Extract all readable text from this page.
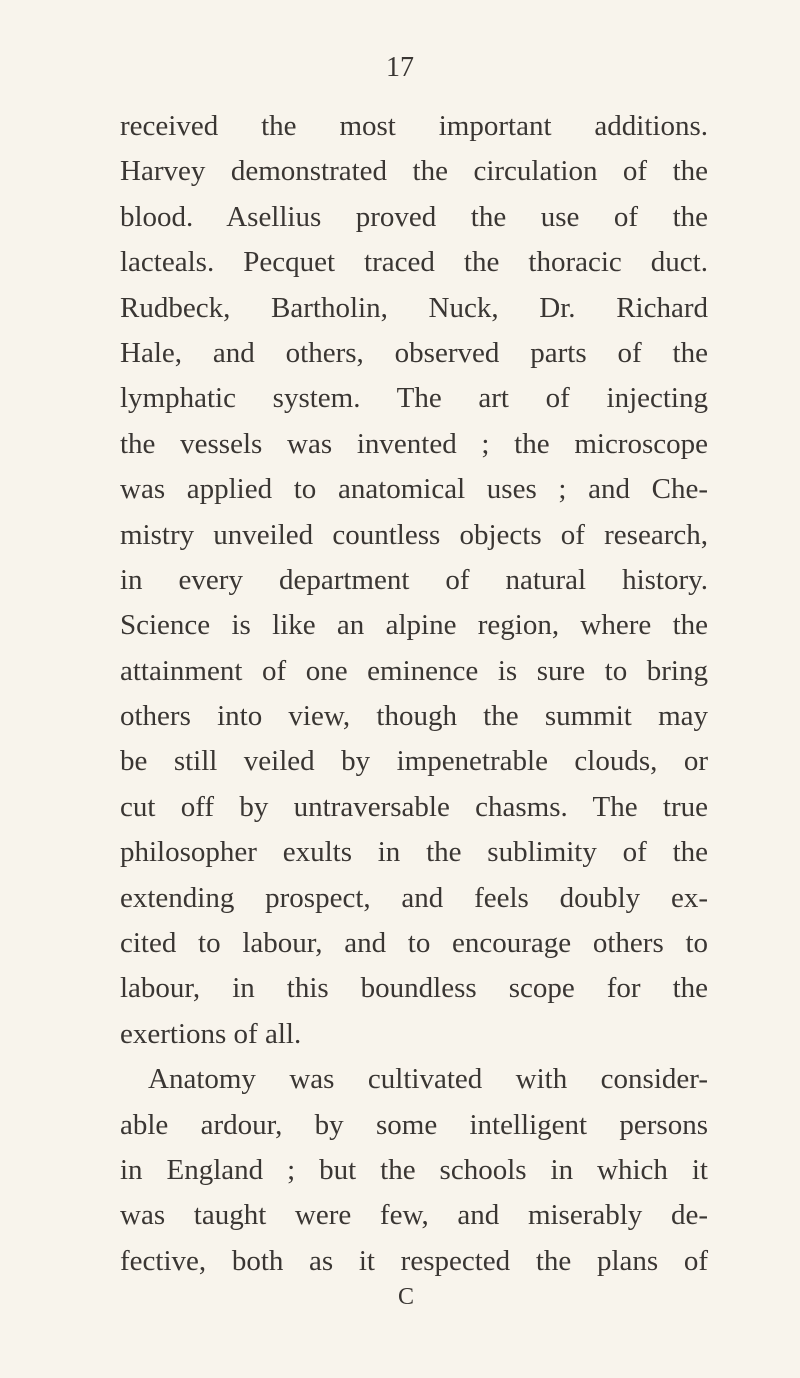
17
received the most important additions.
Harvey demonstrated the circulation of the
blood. Asellius proved the use of the
lacteals. Pecquet traced the thoracic duct.
Rudbeck, Bartholin, Nuck, Dr. Richard
Hale, and others, observed parts of the
lymphatic system. The art of injecting
the vessels was invented ; the microscope
was applied to anatomical uses ; and Che-
mistry unveiled countless objects of research,
in every department of natural history.
Science is like an alpine region, where the
attainment of one eminence is sure to bring
others into view, though the summit may
be still veiled by impenetrable clouds, or
cut off by untraversable chasms. The true
philosopher exults in the sublimity of the
extending prospect, and feels doubly ex-
cited to labour, and to encourage others to
labour, in this boundless scope for the
exertions of all.
Anatomy was cultivated with consider-
able ardour, by some intelligent persons
in England ; but the schools in which it
was taught were few, and miserably de-
fective, both as it respected the plans of
C
